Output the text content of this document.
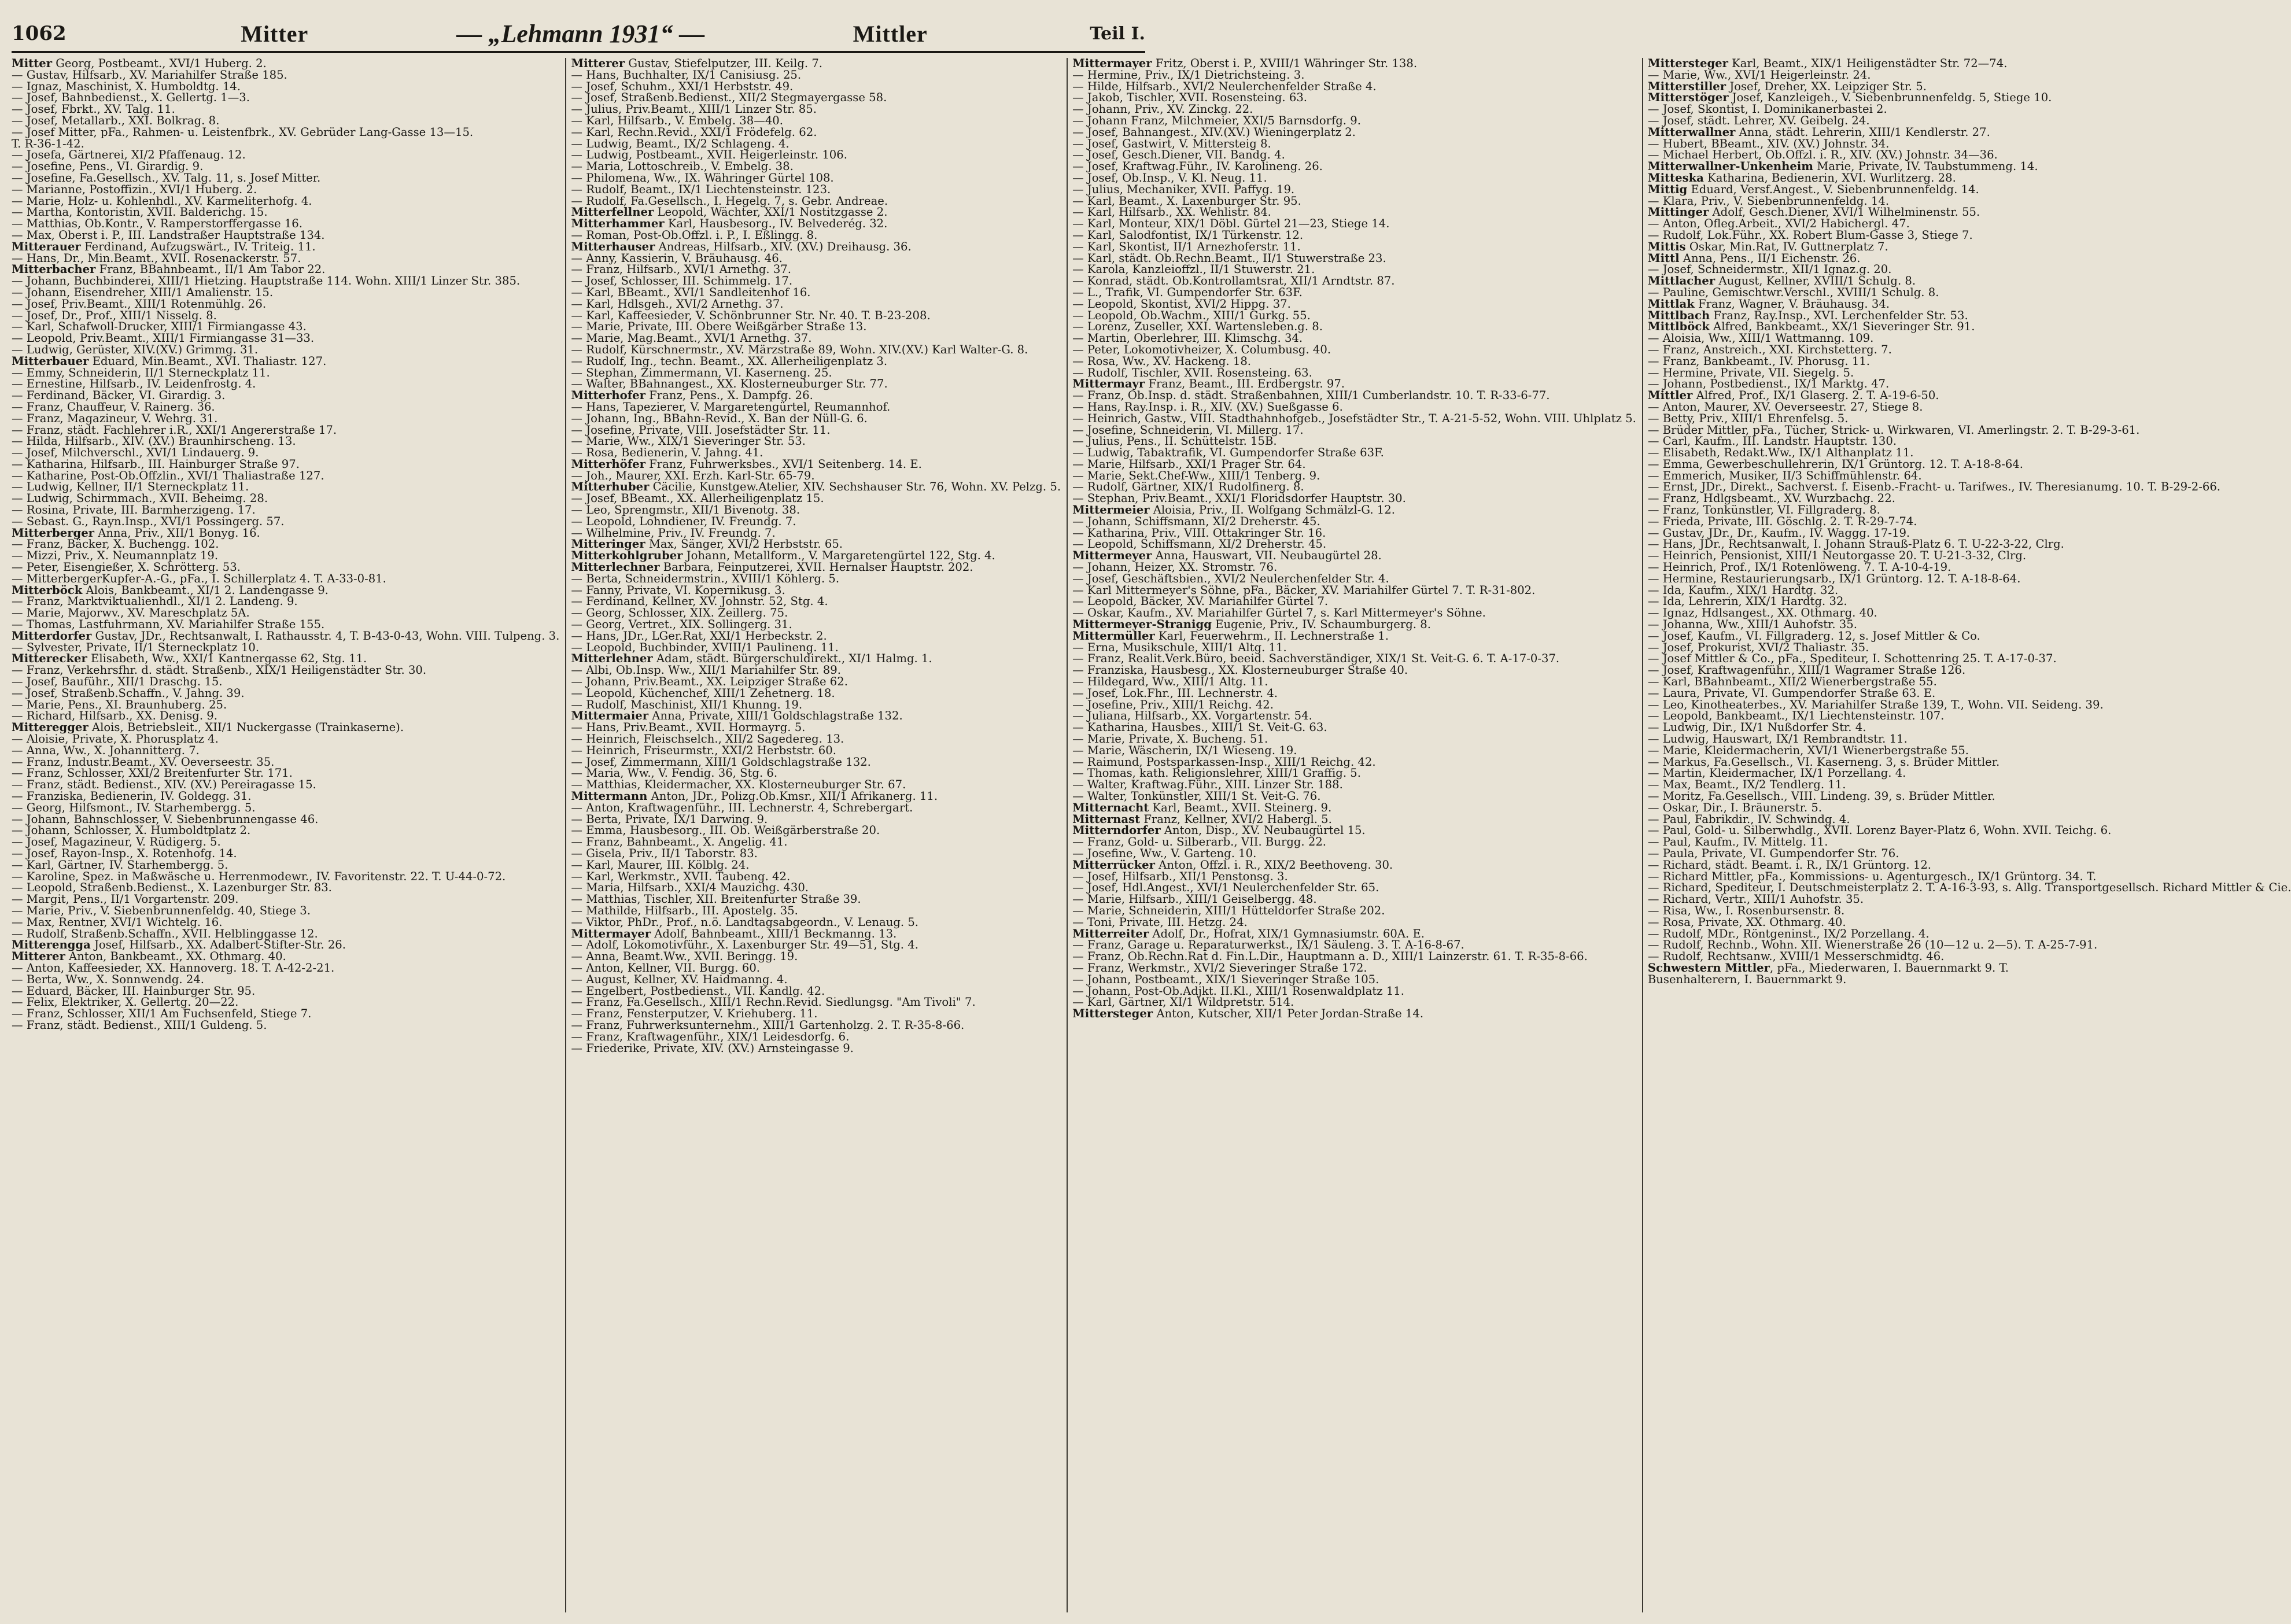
1062	Mitter	— „Lehmann 1931“ —	Mittler	Teil I.
Mitter Georg, Postbeamt., XVI/1 Huberg. 2.
— Gustav, Hilfsarb., XV. Mariahilfer Straße 185.
— Ignaz, Maschinist, X. Humboldtg. 14.
— Josef, Bahnbedienst., X. Gellertg. 1—3.
— Josef, Fbrkt., XV. Talg. 11.
— Josef, Metallarb., XXI. Bolkrag. 8.
— Josef Mitter, pFa., Rahmen- u. Leistenfbrk., XV. Gebrüder Lang-Gasse 13—15.
T. R-36-1-42.
— Josefa, Gärtnerei, XI/2 Pfaffenaug. 12.
— Josefine, Pens., VI. Girardig. 9.
— Josefine, Fa.Gesellsch., XV. Talg. 11, s. Josef Mitter.
— Marianne, Postoffizin., XVI/1 Huberg. 2.
— Marie, Holz- u. Kohlenhdl., XV. Karmeliterhofg. 4.
— Martha, Kontoristin, XVII. Balderichg. 15.
— Matthias, Ob.Kontr., V. Ramperstorffergasse 16.
— Max, Oberst i. P., III. Landstraßer Hauptstraße 134.
Mitterauer Ferdinand, Aufzugswärt., IV. Triteig. 11.
— Hans, Dr., Min.Beamt., XVII. Rosenackerstr. 57.
Mitterbacher Franz, BBahnbeamt., II/1 Am Tabor 22.
— Johann, Buchbinderei, XIII/1 Hietzing. Hauptstraße 114. Wohn. XIII/1 Linzer Str. 385.
— Johann, Eisendreher, XIII/1 Amalienstr. 15.
— Josef, Priv.Beamt., XIII/1 Rotenmühlg. 26.
— Josef, Dr., Prof., XIII/1 Nisselg. 8.
— Karl, Schafwoll-Drucker, XIII/1 Firmiangasse 43.
— Leopold, Priv.Beamt., XIII/1 Firmiangasse 31—33.
— Ludwig, Gerüster, XIV.(XV.) Grimmg. 31.
Mitterbauer Eduard, Min.Beamt., XVI. Thaliastr. 127.
— Emmy, Schneiderin, II/1 Sterneckplatz 11.
— Ernestine, Hilfsarb., IV. Leidenfrostg. 4.
— Ferdinand, Bäcker, VI. Girardig. 3.
— Franz, Chauffeur, V. Rainerg. 36.
— Franz, Magazineur, V. Wehrg. 31.
— Franz, städt. Fachlehrer i.R., XXI/1 Angererstraße 17.
— Hilda, Hilfsarb., XIV. (XV.) Braunhirscheng. 13.
— Josef, Milchverschl., XVI/1 Lindauerg. 9.
— Katharina, Hilfsarb., III. Hainburger Straße 97.
— Katharine, Post-Ob.Offzlin., XVI/1 Thaliastraße 127.
— Ludwig, Kellner, II/1 Sterneckplatz 11.
— Ludwig, Schirmmach., XVII. Beheimg. 28.
— Rosina, Private, III. Barmherzigeng. 17.
— Sebast. G., Rayn.Insp., XVI/1 Possingerg. 57.
Mitterberger Anna, Priv., XII/1 Bonyg. 16.
— Franz, Bäcker, X. Buchengg. 102.
— Mizzi, Priv., X. Neumannplatz 19.
— Peter, Eisengießer, X. Schrötterg. 53.
— MitterbergerKupfer-A.-G., pFa., I. Schillerplatz 4. T. A-33-0-81.
Mitterböck Alois, Bankbeamt., XI/1 2. Landengasse 9.
— Franz, Marktviktualienhdl., XI/1 2. Landeng. 9.
— Marie, Majorwv., XV. Mareschplatz 5A.
— Thomas, Lastfuhrmann, XV. Mariahilfer Straße 155.
Mitterdorfer Gustav, JDr., Rechtsanwalt, I. Rathausstr. 4, T. B-43-0-43, Wohn. VIII. Tulpeng. 3.
— Sylvester, Private, II/1 Sterneckplatz 10.
Mitterecker Elisabeth, Ww., XXI/1 Kantnergasse 62, Stg. 11.
— Franz, Verkehrsfhr. d. städt. Straßenb., XIX/1 Heiligenstädter Str. 30.
— Josef, Bauführ., XII/1 Draschg. 15.
— Josef, Straßenb.Schaffn., V. Jahng. 39.
— Marie, Pens., XI. Braunhuberg. 25.
— Richard, Hilfsarb., XX. Denisg. 9.
Mitteregger Alois, Betriebsleit., XII/1 Nuckergasse (Trainkaserne).
— Aloisie, Private, X. Phorusplatz 4.
— Anna, Ww., X. Johannitterg. 7.
— Franz, Industr.Beamt., XV. Oeverseestr. 35.
— Franz, Schlosser, XXI/2 Breitenfurter Str. 171.
— Franz, städt. Bedienst., XIV. (XV.) Pereiragasse 15.
— Franziska, Bedienerin, IV. Goldegg. 31.
— Georg, Hilfsmont., IV. Starhembergg. 5.
— Johann, Bahnschlosser, V. Siebenbrunnengasse 46.
— Johann, Schlosser, X. Humboldtplatz 2.
— Josef, Magazineur, V. Rüdigerg. 5.
— Josef, Rayon-Insp., X. Rotenhofg. 14.
— Karl, Gärtner, IV. Starhembergg. 5.
— Karoline, Spez. in Maßwäsche u. Herrenmodewr., IV. Favoritenstr. 22. T. U-44-0-72.
— Leopold, Straßenb.Bedienst., X. Lazenburger Str. 83.
— Margit, Pens., II/1 Vorgartenstr. 209.
— Marie, Priv., V. Siebenbrunnenfeldg. 40, Stiege 3.
— Max, Rentner, XVI/1 Wichtelg. 16.
— Rudolf, Straßenb.Schaffn., XVII. Helblinggasse 12.
Mitterengga Josef, Hilfsarb., XX. Adalbert-Stifter-Str. 26.
Mitterer Anton, Bankbeamt., XX. Othmarg. 40.
— Anton, Kaffeesieder, XX. Hannoverg. 18. T. A-42-2-21.
— Berta, Ww., X. Sonnwendg. 24.
— Eduard, Bäcker, III. Hainburger Str. 95.
— Felix, Elektriker, X. Gellertg. 20—22.
— Franz, Schlosser, XII/1 Am Fuchsenfeld, Stiege 7.
— Franz, städt. Bedienst., XIII/1 Guldeng. 5.
Mitterer Gustav, Stiefelputzer, III. Keilg. 7.
— Hans, Buchhalter, IX/1 Canisiusg. 25.
— Josef, Schuhm., XXI/1 Herbststr. 49.
— Josef, Straßenb.Bedienst., XII/2 Stegmayergasse 58.
— Julius, Priv.Beamt., XIII/1 Linzer Str. 85.
— Karl, Hilfsarb., V. Embelg. 38—40.
— Karl, Rechn.Revid., XXI/1 Frödefelg. 62.
— Ludwig, Beamt., IX/2 Schlageng. 4.
— Ludwig, Postbeamt., XVII. Heigerleinstr. 106.
— Maria, Lottoschreib., V. Embelg. 38.
— Philomena, Ww., IX. Währinger Gürtel 108.
— Rudolf, Beamt., IX/1 Liechtensteinstr. 123.
— Rudolf, Fa.Gesellsch., I. Hegelg. 7, s. Gebr. Andreae.
Mitterfellner Leopold, Wächter, XXI/1 Nostitzgasse 2.
Mitterhammer Karl, Hausbesorg., IV. Belvederég. 32.
— Roman, Post-Ob.Offzl. i. P., I. Eßlingg. 8.
Mitterhauser Andreas, Hilfsarb., XIV. (XV.) Dreihausg. 36.
— Anny, Kassierin, V. Bräuhausg. 46.
— Franz, Hilfsarb., XVI/1 Arnethg. 37.
— Josef, Schlosser, III. Schimmelg. 17.
— Karl, BBeamt., XVI/1 Sandleitenhof 16.
— Karl, Hdlsgeh., XVI/2 Arnethg. 37.
— Karl, Kaffeesieder, V. Schönbrunner Str. Nr. 40. T. B-23-208.
— Marie, Private, III. Obere Weißgärber Straße 13.
— Marie, Mag.Beamt., XVI/1 Arnethg. 37.
— Rudolf, Kürschnermstr., XV. Märzstraße 89, Wohn. XIV.(XV.) Karl Walter-G. 8.
— Rudolf, Ing., techn. Beamt., XX. Allerheiligenplatz 3.
— Stephan, Zimmermann, VI. Kaserneng. 25.
— Walter, BBahnangest., XX. Klosterneuburger Str. 77.
Mitterhofer Franz, Pens., X. Dampfg. 26.
— Hans, Tapezierer, V. Margaretengürtel, Reumannhof.
— Johann, Ing., BBahn-Revid., X. Ban der Nüll-G. 6.
— Josefine, Private, VIII. Josefstädter Str. 11.
— Marie, Ww., XIX/1 Sieveringer Str. 53.
— Rosa, Bedienerin, V. Jahng. 41.
Mitterhöfer Franz, Fuhrwerksbes., XVI/1 Seitenberg. 14. E.
— Joh., Maurer, XXI. Erzh. Karl-Str. 65-79.
Mitterhuber Cäcilie, Kunstgew.Atelier, XIV. Sechshauser Str. 76, Wohn. XV. Pelzg. 5.
— Josef, BBeamt., XX. Allerheiligenplatz 15.
— Leo, Sprengmstr., XII/1 Bivenotg. 38.
— Leopold, Lohndiener, IV. Freundg. 7.
— Wilhelmine, Priv., IV. Freundg. 7.
Mitteringer Max, Sänger, XVI/2 Herbststr. 65.
Mitterkohlgruber Johann, Metallform., V. Margaretengürtel 122, Stg. 4.
Mitterlechner Barbara, Feinputzerei, XVII. Hernalser Hauptstr. 202.
— Berta, Schneidermstrin., XVIII/1 Köhlerg. 5.
— Fanny, Private, VI. Kopernikusg. 3.
— Ferdinand, Kellner, XV. Johnstr. 52, Stg. 4.
— Georg, Schlosser, XIX. Zeillerg. 75.
— Georg, Vertret., XIX. Sollingerg. 31.
— Hans, JDr., LGer.Rat, XXI/1 Herbeckstr. 2.
— Leopold, Buchbinder, XVIII/1 Paulineng. 11.
Mitterlehner Adam, städt. Bürgerschuldirekt., XI/1 Halmg. 1.
— Albi, Ob.Insp. Ww., XII/1 Mariahilfer Str. 89.
— Johann, Priv.Beamt., XX. Leipziger Straße 62.
— Leopold, Küchenchef, XIII/1 Zehetnerg. 18.
— Rudolf, Maschinist, XII/1 Khunng. 19.
Mittermaier Anna, Private, XIII/1 Goldschlagstraße 132.
— Hans, Priv.Beamt., XVII. Hormayrg. 5.
— Heinrich, Fleischselch., XII/2 Sagedereg. 13.
— Heinrich, Friseurmstr., XXI/2 Herbststr. 60.
— Josef, Zimmermann, XIII/1 Goldschlagstraße 132.
— Maria, Ww., V. Fendig. 36, Stg. 6.
— Matthias, Kleidermacher, XX. Klosterneuburger Str. 67.
Mittermann Anton, JDr., Polizg.Ob.Kmsr., XII/1 Afrikanerg. 11.
— Anton, Kraftwagenführ., III. Lechnerstr. 4, Schrebergart.
— Berta, Private, IX/1 Darwing. 9.
— Emma, Hausbesorg., III. Ob. Weißgärberstraße 20.
— Franz, Bahnbeamt., X. Angelig. 41.
— Gisela, Priv., II/1 Taborstr. 83.
— Karl, Maurer, III. Kölblg. 24.
— Karl, Werkmstr., XVII. Taubeng. 42.
— Maria, Hilfsarb., XXI/4 Mauzichg. 430.
— Matthias, Tischler, XII. Breitenfurter Straße 39.
— Mathilde, Hilfsarb., III. Apostelg. 35.
— Viktor, PhDr., Prof., n.ö. Landtagsabgeordn., V. Lenaug. 5.
Mittermayer Adolf, Bahnbeamt., XIII/1 Beckmanng. 13.
— Adolf, Lokomotivführ., X. Laxenburger Str. 49—51, Stg. 4.
— Anna, Beamt.Ww., XVII. Beringg. 19.
— Anton, Kellner, VII. Burgg. 60.
— August, Kellner, XV. Haidmanng. 4.
— Engelbert, Postbedienst., VII. Kandlg. 42.
— Franz, Fa.Gesellsch., XIII/1 Rechn.Revid. Siedlungsg. "Am Tivoli" 7.
— Franz, Fensterputzer, V. Kriehuberg. 11.
— Franz, Fuhrwerksunternehm., XIII/1 Gartenholzg. 2. T. R-35-8-66.
— Franz, Kraftwagenführ., XIX/1 Leidesdorfg. 6.
— Friederike, Private, XIV. (XV.) Arnsteingasse 9.
Mittermayer Fritz, Oberst i. P., XVIII/1 Währinger Str. 138.
— Hermine, Priv., IX/1 Dietrichsteing. 3.
— Hilde, Hilfsarb., XVI/2 Neulerchenfelder Straße 4.
— Jakob, Tischler, XVII. Rosensteing. 63.
— Johann, Priv., XV. Zinckg. 22.
— Johann Franz, Milchmeier, XXI/5 Barnsdorfg. 9.
— Josef, Bahnangest., XIV.(XV.) Wieningerplatz 2.
— Josef, Gastwirt, V. Mittersteig 8.
— Josef, Gesch.Diener, VII. Bandg. 4.
— Josef, Kraftwag.Führ., IV. Karolineng. 26.
— Josef, Ob.Insp., V. Kl. Neug. 11.
— Julius, Mechaniker, XVII. Paffyg. 19.
— Karl, Beamt., X. Laxenburger Str. 95.
— Karl, Hilfsarb., XX. Wehlistr. 84.
— Karl, Monteur, XIX/1 Döbl. Gürtel 21—23, Stiege 14.
— Karl, Salodfontist, IX/1 Türkenstr. 12.
— Karl, Skontist, II/1 Arnezhoferstr. 11.
— Karl, städt. Ob.Rechn.Beamt., II/1 Stuwerstraße 23.
— Karola, Kanzleioffzl., II/1 Stuwerstr. 21.
— Konrad, städt. Ob.Kontrollamtsrat, XII/1 Arndtstr. 87.
— L., Trafik, VI. Gumpendorfer Str. 63F.
— Leopold, Skontist, XVI/2 Hippg. 37.
— Leopold, Ob.Wachm., XIII/1 Gurkg. 55.
— Lorenz, Zuseller, XXI. Wartensleben.g. 8.
— Martin, Oberlehrer, III. Klimschg. 34.
— Peter, Lokomotivheizer, X. Columbusg. 40.
— Rosa, Ww., XV. Hackeng. 18.
— Rudolf, Tischler, XVII. Rosensteing. 63.
Mittermayr Franz, Beamt., III. Erdbergstr. 97.
— Franz, Ob.Insp. d. städt. Straßenbahnen, XIII/1 Cumberlandstr. 10. T. R-33-6-77.
— Hans, Ray.Insp. i. R., XIV. (XV.) Sueßgasse 6.
— Heinrich, Gastw., VIII. Stadthahnhofgeb., Josefstädter Str., T. A-21-5-52, Wohn. VIII. Uhlplatz 5.
— Josefine, Schneiderin, VI. Millerg. 17.
— Julius, Pens., II. Schüttelstr. 15B.
— Ludwig, Tabaktrafik, VI. Gumpendorfer Straße 63F.
— Marie, Hilfsarb., XXI/1 Prager Str. 64.
— Marie, Sekt.Chef-Ww., XIII/1 Tenberg. 9.
— Rudolf, Gärtner, XIX/1 Rudolfinerg. 8.
— Stephan, Priv.Beamt., XXI/1 Floridsdorfer Hauptstr. 30.
Mittermeier Aloisia, Priv., II. Wolfgang Schmälzl-G. 12.
— Johann, Schiffsmann, XI/2 Dreherstr. 45.
— Katharina, Priv., VIII. Ottakringer Str. 16.
— Leopold, Schiffsmann, XI/2 Dreherstr. 45.
Mittermeyer Anna, Hauswart, VII. Neubaugürtel 28.
— Johann, Heizer, XX. Stromstr. 76.
— Josef, Geschäftsbien., XVI/2 Neulerchenfelder Str. 4.
— Karl Mittermeyer's Söhne, pFa., Bäcker, XV. Mariahilfer Gürtel 7. T. R-31-802.
— Leopold, Bäcker, XV. Mariahilfer Gürtel 7.
— Oskar, Kaufm., XV. Mariahilfer Gürtel 7, s. Karl Mittermeyer's Söhne.
Mittermeyer-Stranigg Eugenie, Priv., IV. Schaumburgerg. 8.
Mittermüller Karl, Feuerwehrm., II. Lechnerstraße 1.
— Erna, Musikschule, XIII/1 Altg. 11.
— Franz, Realit.Verk.Büro, beeid. Sachverständiger, XIX/1 St. Veit-G. 6. T. A-17-0-37.
— Franziska, Hausbesg., XX. Klosterneuburger Straße 40.
— Hildegard, Ww., XIII/1 Altg. 11.
— Josef, Lok.Fhr., III. Lechnerstr. 4.
— Josefine, Priv., XIII/1 Reichg. 42.
— Juliana, Hilfsarb., XX. Vorgartenstr. 54.
— Katharina, Hausbes., XIII/1 St. Veit-G. 63.
— Marie, Private, X. Bucheng. 51.
— Marie, Wäscherin, IX/1 Wieseng. 19.
— Raimund, Postsparkassen-Insp., XIII/1 Reichg. 42.
— Thomas, kath. Religionslehrer, XIII/1 Graffig. 5.
— Walter, Kraftwag.Führ., XIII. Linzer Str. 188.
— Walter, Tonkünstler, XIII/1 St. Veit-G. 76.
Mitternacht Karl, Beamt., XVII. Steinerg. 9.
Mitternast Franz, Kellner, XVI/2 Habergl. 5.
Mitterndorfer Anton, Disp., XV. Neubaugürtel 15.
— Franz, Gold- u. Silberarb., VII. Burgg. 22.
— Josefine, Ww., V. Garteng. 10.
Mitterrücker Anton, Offzl. i. R., XIX/2 Beethoveng. 30.
— Josef, Hilfsarb., XII/1 Penstonsg. 3.
— Josef, Hdl.Angest., XVI/1 Neulerchenfelder Str. 65.
— Marie, Hilfsarb., XIII/1 Geiselbergg. 48.
— Marie, Schneiderin, XIII/1 Hütteldorfer Straße 202.
— Toni, Private, III. Hetzg. 24.
Mitterreiter Adolf, Dr., Hofrat, XIX/1 Gymnasiumstr. 60A. E.
— Franz, Garage u. Reparaturwerkst., IX/1 Säuleng. 3. T. A-16-8-67.
— Franz, Ob.Rechn.Rat d. Fin.L.Dir., Hauptmann a. D., XIII/1 Lainzerstr. 61. T. R-35-8-66.
— Franz, Werkmstr., XVI/2 Sieveringer Straße 172.
— Johann, Postbeamt., XIX/1 Sieveringer Straße 105.
— Johann, Post-Ob.Adjkt. II.Kl., XIII/1 Rosenwaldplatz 11.
— Karl, Gärtner, XI/1 Wildpretstr. 514.
Mittersteger Anton, Kutscher, XII/1 Peter Jordan-Straße 14.
Mittersteger Karl, Beamt., XIX/1 Heiligenstädter Str. 72—74.
— Marie, Ww., XVI/1 Heigerleinstr. 24.
Mitterstiller Josef, Dreher, XX. Leipziger Str. 5.
Mitterstöger Josef, Kanzleigeh., V. Siebenbrunnenfeldg. 5, Stiege 10.
— Josef, Skontist, I. Dominikanerbastei 2.
— Josef, städt. Lehrer, XV. Geibelg. 24.
Mitterwallner Anna, städt. Lehrerin, XIII/1 Kendlerstr. 27.
— Hubert, BBeamt., XIV. (XV.) Johnstr. 34.
— Michael Herbert, Ob.Offzl. i. R., XIV. (XV.) Johnstr. 34—36.
Mitterwallner-Unkenheim Marie, Private, IV. Taubstummeng. 14.
Mitteska Katharina, Bedienerin, XVI. Wurlitzerg. 28.
Mittig Eduard, Versf.Angest., V. Siebenbrunnenfeldg. 14.
— Klara, Priv., V. Siebenbrunnenfeldg. 14.
Mittinger Adolf, Gesch.Diener, XVI/1 Wilhelminenstr. 55.
— Anton, Ofleg.Arbeit., XVI/2 Habichergl. 47.
— Rudolf, Lok.Führ., XX. Robert Blum-Gasse 3, Stiege 7.
Mittis Oskar, Min.Rat, IV. Guttnerplatz 7.
Mittl Anna, Pens., II/1 Eichenstr. 26.
— Josef, Schneidermstr., XII/1 Ignaz.g. 20.
Mittlacher August, Kellner, XVIII/1 Schulg. 8.
— Pauline, Gemischtwr.Verschl., XVIII/1 Schulg. 8.
Mittlak Franz, Wagner, V. Bräuhausg. 34.
Mittlbach Franz, Ray.Insp., XVI. Lerchenfelder Str. 53.
Mittlböck Alfred, Bankbeamt., XX/1 Sieveringer Str. 91.
— Aloisia, Ww., XIII/1 Wattmanng. 109.
— Franz, Anstreich., XXI. Kirchstetterg. 7.
— Franz, Bankbeamt., IV. Phorusg. 11.
— Hermine, Private, VII. Siegelg. 5.
— Johann, Postbedienst., IX/1 Marktg. 47.
Mittler Alfred, Prof., IX/1 Glaserg. 2. T. A-19-6-50.
— Anton, Maurer, XV. Oeverseestr. 27, Stiege 8.
— Betty, Priv., XIII/1 Ehrenfelsg. 5.
— Brüder Mittler, pFa., Tücher, Strick- u. Wirkwaren, VI. Amerlingstr. 2. T. B-29-3-61.
— Carl, Kaufm., III. Landstr. Hauptstr. 130.
— Elisabeth, Redakt.Ww., IX/1 Althanplatz 11.
— Emma, Gewerbeschullehrerin, IX/1 Grüntorg. 12. T. A-18-8-64.
— Emmerich, Musiker, II/3 Schiffmühlenstr. 64.
— Ernst, JDr., Direkt., Sachverst. f. Eisenb.-Fracht- u. Tarifwes., IV. Theresianumg. 10. T. B-29-2-66.
— Franz, Hdlgsbeamt., XV. Wurzbachg. 22.
— Franz, Tonkünstler, VI. Fillgraderg. 8.
— Frieda, Private, III. Göschlg. 2. T. R-29-7-74.
— Gustav, JDr., Dr., Kaufm., IV. Waggg. 17-19.
— Hans, JDr., Rechtsanwalt, I. Johann Strauß-Platz 6. T. U-22-3-22, Clrg.
— Heinrich, Pensionist, XIII/1 Neutorgasse 20. T. U-21-3-32, Clrg.
— Heinrich, Prof., IX/1 Rotenlöweng. 7. T. A-10-4-19.
— Hermine, Restaurierungsarb., IX/1 Grüntorg. 12. T. A-18-8-64.
— Ida, Kaufm., XIX/1 Hardtg. 32.
— Ida, Lehrerin, XIX/1 Hardtg. 32.
— Ignaz, Hdlsangest., XX. Othmarg. 40.
— Johanna, Ww., XIII/1 Auhofstr. 35.
— Josef, Kaufm., VI. Fillgraderg. 12, s. Josef Mittler & Co.
— Josef, Prokurist, XVI/2 Thaliastr. 35.
— Josef Mittler & Co., pFa., Spediteur, I. Schottenring 25. T. A-17-0-37.
— Josef, Kraftwagenführ., XIII/1 Wagramer Straße 126.
— Karl, BBahnbeamt., XII/2 Wienerbergstraße 55.
— Laura, Private, VI. Gumpendorfer Straße 63. E.
— Leo, Kinotheaterbes., XV. Mariahilfer Straße 139, T., Wohn. VII. Seideng. 39.
— Leopold, Bankbeamt., IX/1 Liechtensteinstr. 107.
— Ludwig, Dir., IX/1 Nußdorfer Str. 4.
— Ludwig, Hauswart, IX/1 Rembrandtstr. 11.
— Marie, Kleidermacherin, XVI/1 Wienerbergstraße 55.
— Markus, Fa.Gesellsch., VI. Kaserneng. 3, s. Brüder Mittler.
— Martin, Kleidermacher, IX/1 Porzellang. 4.
— Max, Beamt., IX/2 Tendlerg. 11.
— Moritz, Fa.Gesellsch., VIII. Lindeng. 39, s. Brüder Mittler.
— Oskar, Dir., I. Bräunerstr. 5.
— Paul, Fabrikdir., IV. Schwindg. 4.
— Paul, Gold- u. Silberwhdlg., XVII. Lorenz Bayer-Platz 6, Wohn. XVII. Teichg. 6.
— Paul, Kaufm., IV. Mittelg. 11.
— Paula, Private, VI. Gumpendorfer Str. 76.
— Richard, städt. Beamt. i. R., IX/1 Grüntorg. 12.
— Richard Mittler, pFa., Kommissions- u. Agenturgesch., IX/1 Grüntorg. 34. T.
— Richard, Spediteur, I. Deutschmeisterplatz 2. T. A-16-3-93, s. Allg. Transportgesellsch. Richard Mittler & Cie.
— Richard, Vertr., XIII/1 Auhofstr. 35.
— Risa, Ww., I. Rosenbursenstr. 8.
— Rosa, Private, XX. Othmarg. 40.
— Rudolf, MDr., Röntgeninst., IX/2 Porzellang. 4.
— Rudolf, Rechnb., Wohn. XII. Wienerstraße 26 (10—12 u. 2—5). T. A-25-7-91.
— Rudolf, Rechtsanw., XVIII/1 Messerschmidtg. 46.
Schwestern Mittler, pFa., Miederwaren, I. Bauernmarkt 9. T.
Busenhalterern, I. Bauernmarkt 9.
